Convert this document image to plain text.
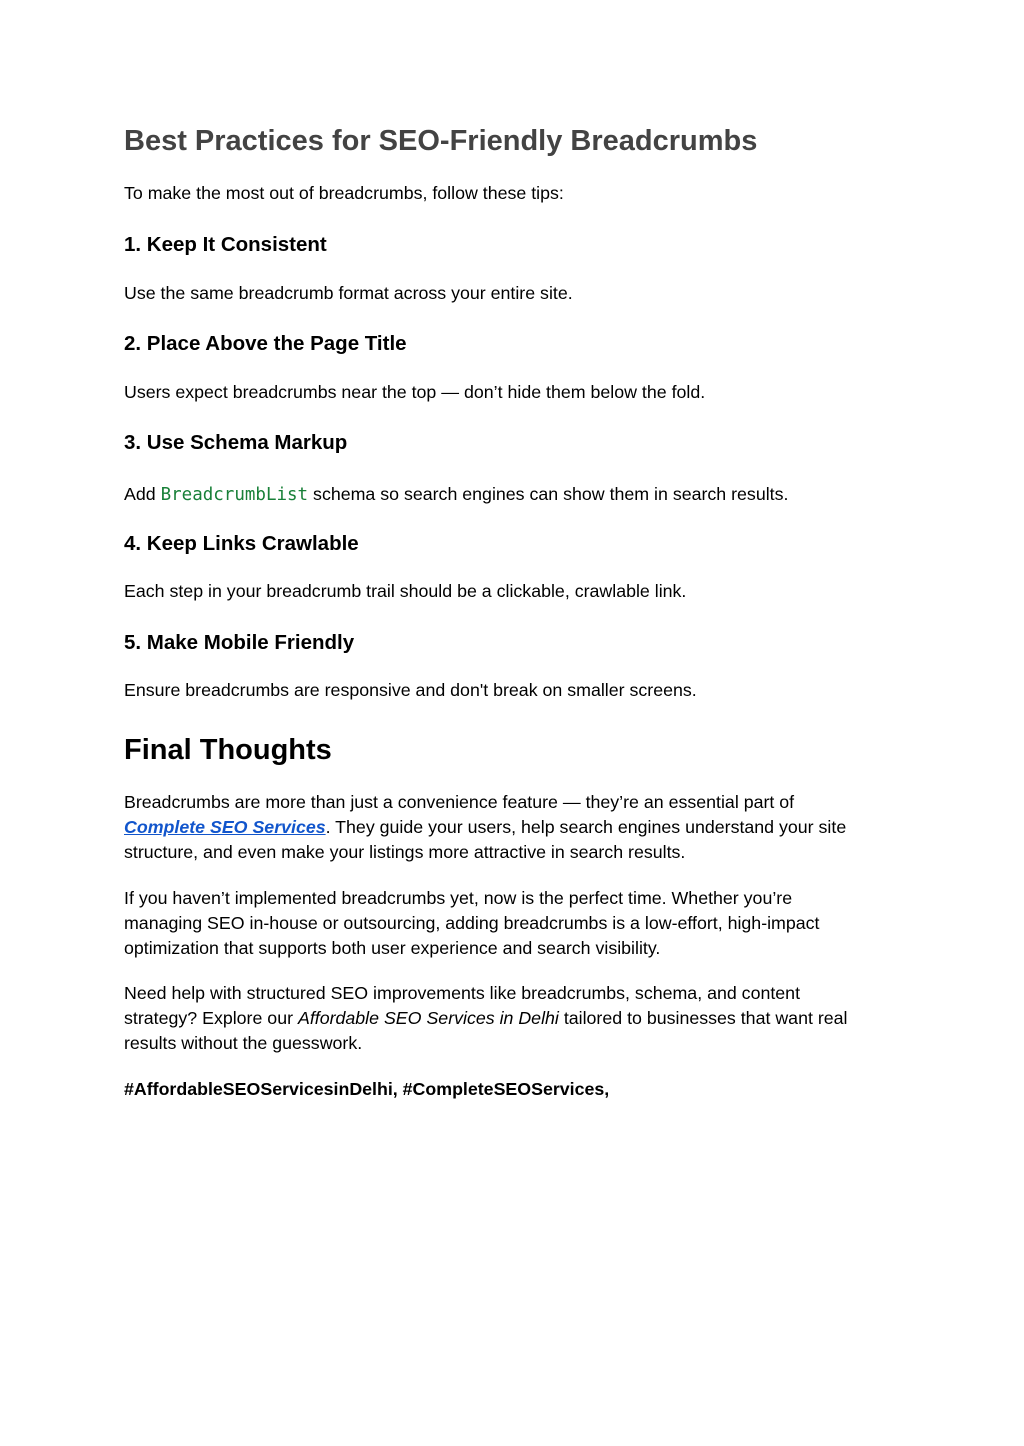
Best Practices for SEO-Friendly Breadcrumbs

To make the most out of breadcrumbs, follow these tips:

1. Keep It Consistent

Use the same breadcrumb format across your entire site.

2. Place Above the Page Title

Users expect breadcrumbs near the top — don’t hide them below the fold.

3. Use Schema Markup

Add BreadcrumbList schema so search engines can show them in search results.

4. Keep Links Crawlable

Each step in your breadcrumb trail should be a clickable, crawlable link.

5. Make Mobile Friendly

Ensure breadcrumbs are responsive and don't break on smaller screens.

Final Thoughts

Breadcrumbs are more than just a convenience feature — they’re an essential part of

Complete SEO Services. They guide your users, help search engines understand your site

structure, and even make your listings more attractive in search results.

If you haven’t implemented breadcrumbs yet, now is the perfect time. Whether you’re

managing SEO in-house or outsourcing, adding breadcrumbs is a low-effort, high-impact

optimization that supports both user experience and search visibility.

Need help with structured SEO improvements like breadcrumbs, schema, and content

strategy? Explore our Affordable SEO Services in Delhi tailored to businesses that want real

results without the guesswork.

#AffordableSEOServicesinDelhi, #CompleteSEOServices,
